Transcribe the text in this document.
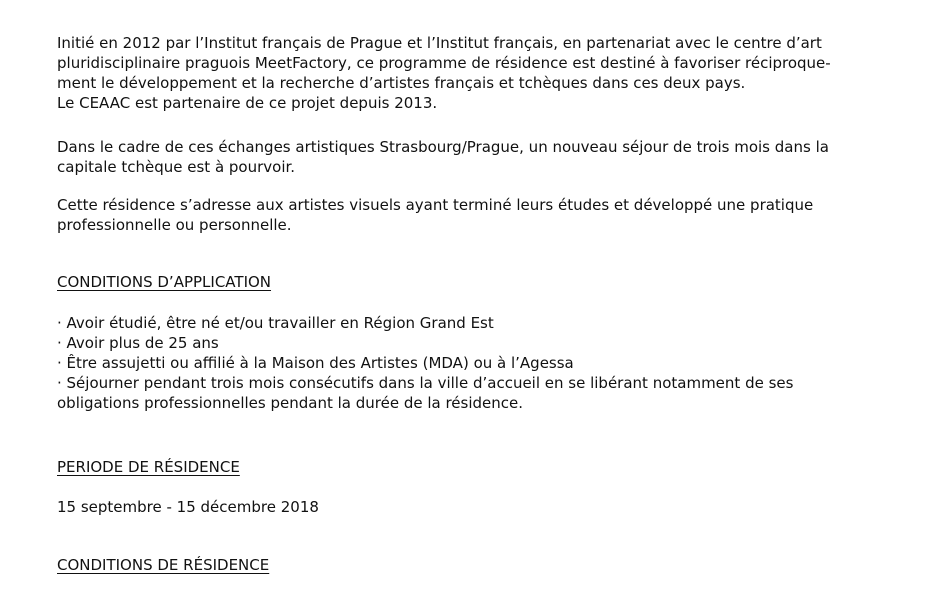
Initié en 2012 par l’Institut français de Prague et l’Institut français, en partenariat avec le centre d’art

pluridisciplinaire praguois MeetFactory, ce programme de résidence est destiné à favoriser réciproque-

ment le développement et la recherche d’artistes français et tchèques dans ces deux pays.

Le CEAAC est partenaire de ce projet depuis 2013.

Dans le cadre de ces échanges artistiques Strasbourg/Prague, un nouveau séjour de trois mois dans la

capitale tchèque est à pourvoir.

Cette résidence s’adresse aux artistes visuels ayant terminé leurs études et développé une pratique

professionnelle ou personnelle.

CONDITIONS D’APPLICATION
· Avoir étudié, être né et/ou travailler en Région Grand Est
· Avoir plus de 25 ans
· Être assujetti ou affilié à la Maison des Artistes (MDA) ou à l’Agessa
· Séjourner pendant trois mois consécutifs dans la ville d’accueil en se libérant notamment de ses
obligations professionnelles pendant la durée de la résidence.
PERIODE DE RÉSIDENCE

15 septembre - 15 décembre 2018

CONDITIONS DE RÉSIDENCE
